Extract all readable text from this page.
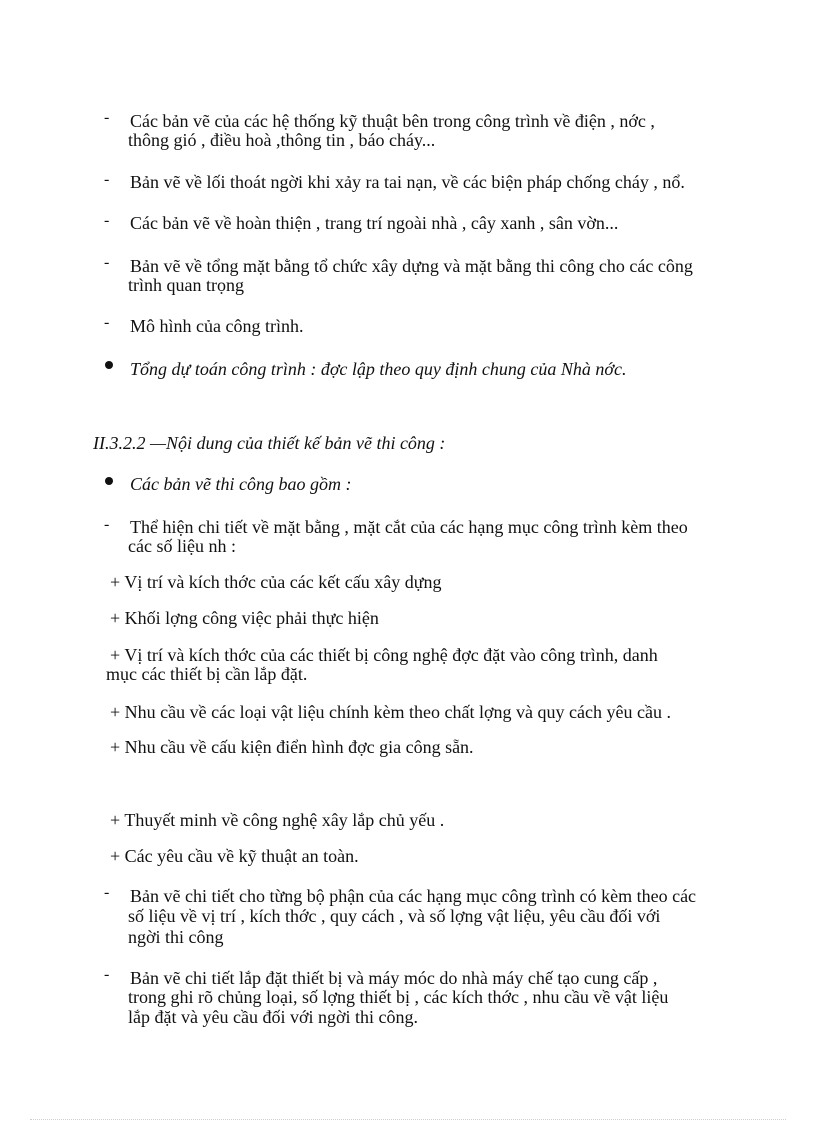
- Các bản vẽ của các hệ thống kỹ thuật bên trong công trình về điện , nớc ,
thông gió , điều hoà ,thông tin , báo cháy...
- Bản vẽ về lối thoát ngời khi xảy ra tai nạn, về các biện pháp chống cháy , nổ.
- Các bản vẽ về hoàn thiện , trang trí ngoài nhà , cây xanh , sân vờn...
- Bản vẽ về tổng mặt bằng tổ chức xây dựng và mặt bằng thi công cho các công
trình quan trọng
- Mô hình của công trình.
Tổng dự toán công trình : đợc lập theo quy định chung của Nhà nớc.
II.3.2.2 —Nội dung của thiết kế bản vẽ thi công :
Các bản vẽ thi công bao gồm :
- Thể hiện chi tiết về mặt bằng , mặt cắt của các hạng mục công trình kèm theo
các số liệu nh :
+ Vị trí và kích thớc của các kết cấu xây dựng
+ Khối lợng công việc phải thực hiện
+ Vị trí và kích thớc của các thiết bị công nghệ đợc đặt vào công trình, danh
mục các thiết bị cần lắp đặt.
+ Nhu cầu về các loại vật liệu chính kèm theo chất lợng và quy cách yêu cầu .
+ Nhu cầu về cấu kiện điển hình đợc gia công sẵn.
+ Thuyết minh về công nghệ xây lắp chủ yếu .
+ Các yêu cầu về kỹ thuật an toàn.
- Bản vẽ chi tiết cho từng bộ phận của các hạng mục công trình có kèm theo các
số liệu về vị trí , kích thớc , quy cách , và số lợng vật liệu, yêu cầu đối với
ngời thi công
- Bản vẽ chi tiết lắp đặt thiết bị và máy móc do nhà máy chế tạo cung cấp ,
trong ghi rõ chủng loại, số lợng thiết bị , các kích thớc , nhu cầu về vật liệu
lắp đặt và yêu cầu đối với ngời thi công.
